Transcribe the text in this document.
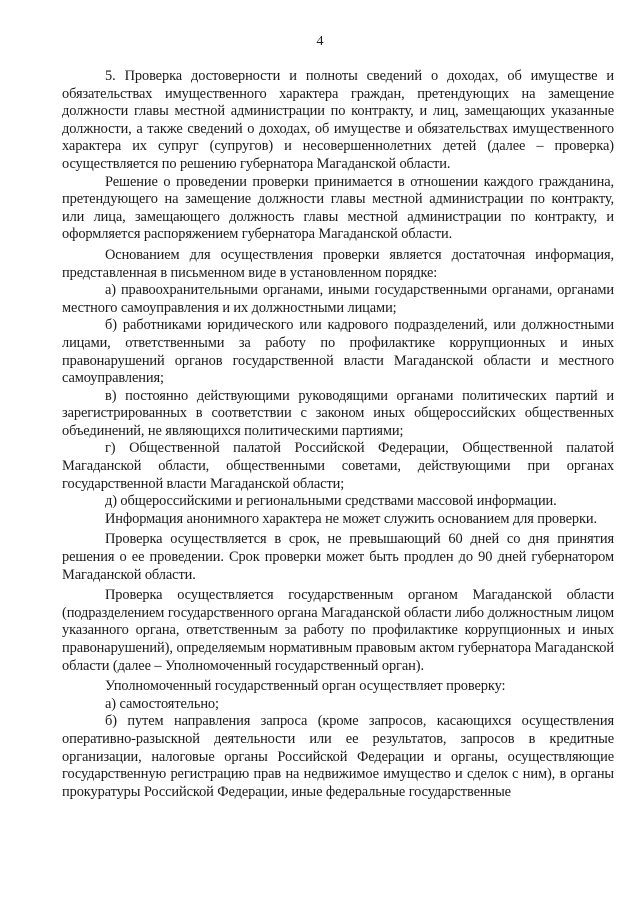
4

5. Проверка достоверности и полноты сведений о доходах, об имуществе и обязательствах имущественного характера граждан, претендующих на замещение должности главы местной администрации по контракту, и лиц, замещающих указанные должности, а также сведений о доходах, об имуществе и обязательствах имущественного характера их супруг (супругов) и несовершеннолетних детей (далее – проверка) осуществляется по решению губернатора Магаданской области.

Решение о проведении проверки принимается в отношении каждого гражданина, претендующего на замещение должности главы местной администрации по контракту, или лица, замещающего должность главы местной администрации по контракту, и оформляется распоряжением губернатора Магаданской области.

Основанием для осуществления проверки является достаточная информация, представленная в письменном виде в установленном порядке:

а) правоохранительными органами, иными государственными органами, органами местного самоуправления и их должностными лицами;

б) работниками юридического или кадрового подразделений, или должностными лицами, ответственными за работу по профилактике коррупционных и иных правонарушений органов государственной власти Магаданской области и местного самоуправления;

в) постоянно действующими руководящими органами политических партий и зарегистрированных в соответствии с законом иных общероссийских общественных объединений, не являющихся политическими партиями;

г) Общественной палатой Российской Федерации, Общественной палатой Магаданской области, общественными советами, действующими при органах государственной власти Магаданской области;

д) общероссийскими и региональными средствами массовой информации.

Информация анонимного характера не может служить основанием для проверки.

Проверка осуществляется в срок, не превышающий 60 дней со дня принятия решения о ее проведении. Срок проверки может быть продлен до 90 дней губернатором Магаданской области.

Проверка осуществляется государственным органом Магаданской области (подразделением государственного органа Магаданской области либо должностным лицом указанного органа, ответственным за работу по профилактике коррупционных и иных правонарушений), определяемым нормативным правовым актом губернатора Магаданской области (далее – Уполномоченный государственный орган).

Уполномоченный государственный орган осуществляет проверку:

а) самостоятельно;

б) путем направления запроса (кроме запросов, касающихся осуществления оперативно-разыскной деятельности или ее результатов, запросов в кредитные организации, налоговые органы Российской Федерации и органы, осуществляющие государственную регистрацию прав на недвижимое имущество и сделок с ним), в органы прокуратуры Российской Федерации, иные федеральные государственные
